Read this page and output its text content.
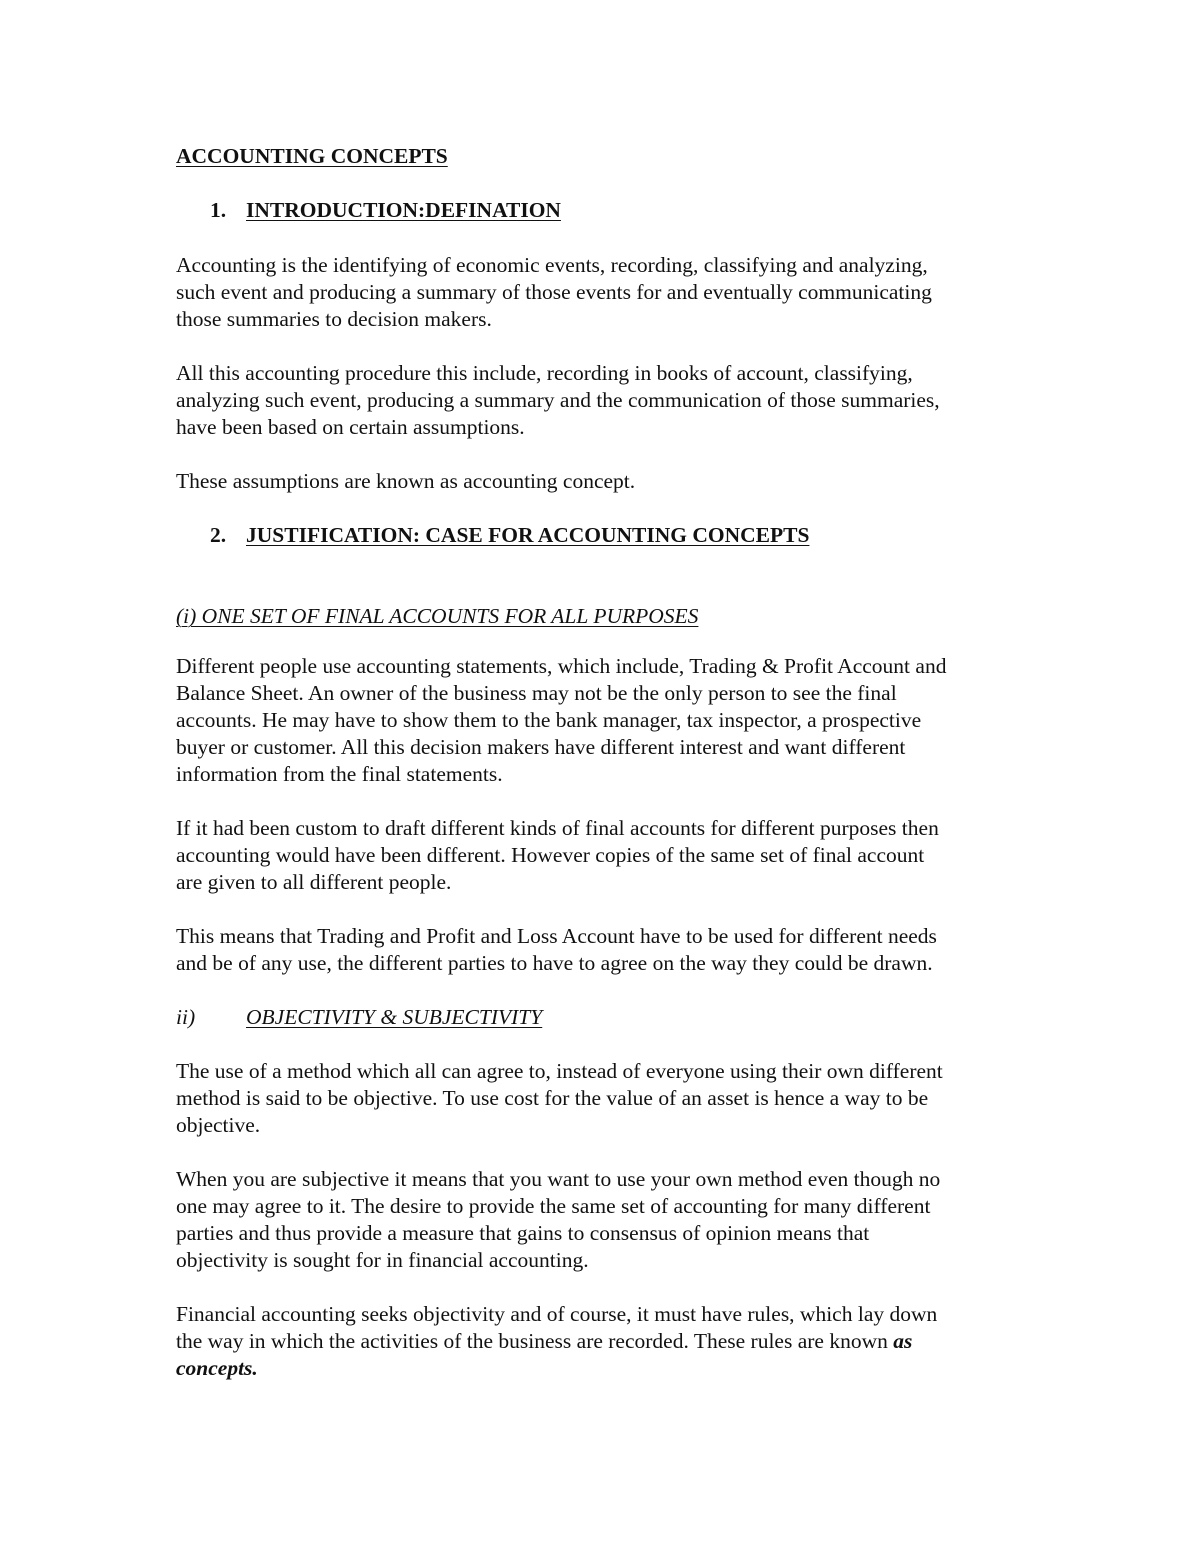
ACCOUNTING CONCEPTS
1. INTRODUCTION:DEFINATION

Accounting is the identifying of economic events, recording, classifying and analyzing,
such event and producing a summary of those events for and eventually communicating
those summaries to decision makers.

All this accounting procedure this include, recording in books of account, classifying,
analyzing such event, producing a summary and the communication of those summaries,
have been based on certain assumptions.

These assumptions are known as accounting concept.

2. JUSTIFICATION: CASE FOR ACCOUNTING CONCEPTS
(i) ONE SET OF FINAL ACCOUNTS FOR ALL PURPOSES

Different people use accounting statements, which include, Trading & Profit Account and
Balance Sheet. An owner of the business may not be the only person to see the final
accounts. He may have to show them to the bank manager, tax inspector, a prospective
buyer or customer. All this decision makers have different interest and want different
information from the final statements.

If it had been custom to draft different kinds of final accounts for different purposes then
accounting would have been different. However copies of the same set of final account
are given to all different people.

This means that Trading and Profit and Loss Account have to be used for different needs
and be of any use, the different parties to have to agree on the way they could be drawn.

ii) OBJECTIVITY & SUBJECTIVITY

The use of a method which all can agree to, instead of everyone using their own different
method is said to be objective. To use cost for the value of an asset is hence a way to be
objective.

When you are subjective it means that you want to use your own method even though no
one may agree to it. The desire to provide the same set of accounting for many different
parties and thus provide a measure that gains to consensus of opinion means that
objectivity is sought for in financial accounting.

Financial accounting seeks objectivity and of course, it must have rules, which lay down
the way in which the activities of the business are recorded. These rules are known as
concepts.
